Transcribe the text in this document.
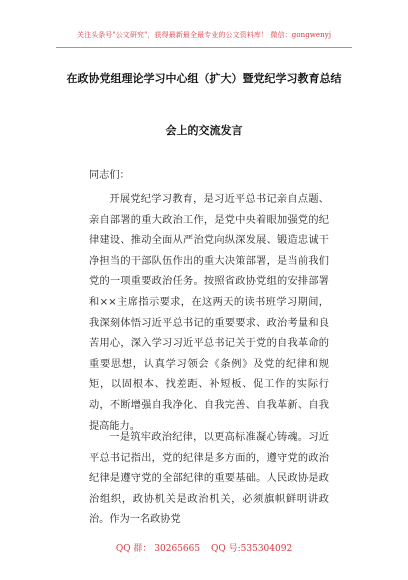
关注头条号"公文研究"，获得最新最全最专业的公文资料库！ 微信：gongwenyj
在政协党组理论学习中心组（扩大）暨党纪学习教育总结
会上的交流发言
同志们：

开展党纪学习教育，是习近平总书记亲自点题、亲自部署的重大政治工作，是党中央着眼加强党的纪律建设、推动全面从严治党向纵深发展、锻造忠诚干净担当的干部队伍作出的重大决策部署，是当前我们党的一项重要政治任务。按照省政协党组的安排部署和××主席指示要求，在这两天的读书班学习期间，我深刻体悟习近平总书记的重要要求、政治考量和良苦用心，深入学习习近平总书记关于党的自我革命的重要思想，认真学习领会《条例》及党的纪律和规矩，以固根本、找差距、补短板、促工作的实际行动，不断增强自我净化、自我完善、自我革新、自我提高能力。

一是筑牢政治纪律，以更高标准凝心铸魂。习近平总书记指出，党的纪律是多方面的，遵守党的政治纪律是遵守党的全部纪律的重要基础。人民政协是政治组织，政协机关是政治机关，必须旗帜鲜明讲政治。作为一名政协党

QQ 群： 30265665 QQ 号:535304092
